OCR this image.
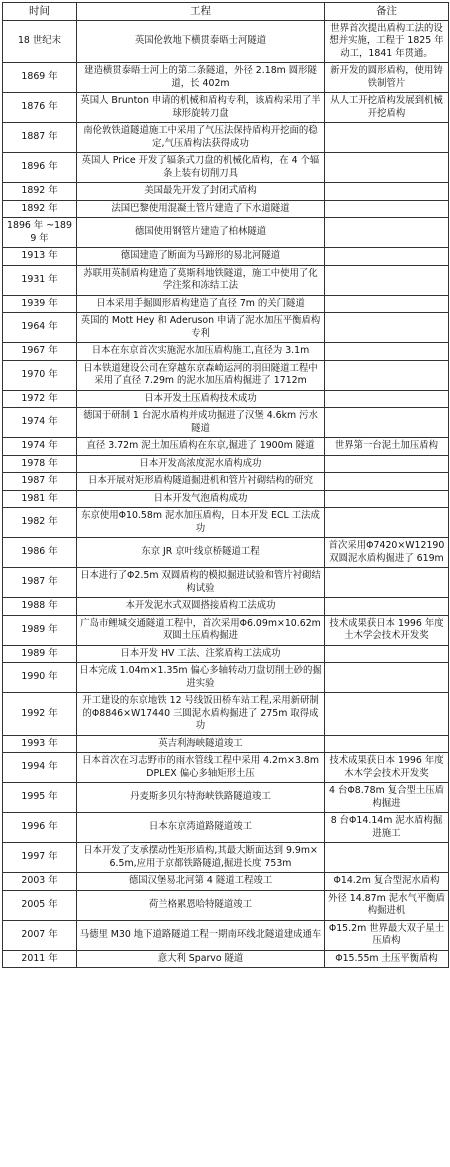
时间	工程	备注
18 世纪末	英国伦敦地下横贯泰晤士河隧道	世界首次提出盾构工法的设想并实施，工程于 1825 年动工，1841 年贯通。
1869 年	建造横贯泰晤士河上的第二条隧道，外径 2.18m 圆形隧道，长 402m	新开发的圆形盾构，使用铸铁制管片
1876 年	英国人 Brunton 申请的机械和盾构专利，该盾构采用了半球形旋转刀盘	从人工开挖盾构发展到机械开挖盾构
1887 年	南伦敦铁道隧道施工中采用了气压法保持盾构开挖面的稳定,气压盾构法获得成功	
1896 年	英国人 Price 开发了辐条式刀盘的机械化盾构，在 4 个辐条上装有切削刀具	
1892 年	美国最先开发了封闭式盾构	
1892 年	法国巴黎使用混凝土管片建造了下水道隧道	
1896 年 ~1899 年	德国使用钢管片建造了柏林隧道	
1913 年	德国建造了断面为马蹄形的易北河隧道	
1931 年	苏联用英制盾构建造了莫斯科地铁隧道，施工中使用了化学注浆和冻结工法	
1939 年	日本采用手掘圆形盾构建造了直径 7m 的关门隧道	
1964 年	英国的 Mott Hey 和 Aderuson 申请了泥水加压平衡盾构专利	
1967 年	日本在东京首次实施泥水加压盾构施工,直径为 3.1m	
1970 年	日本铁道建设公司在穿越东京森崎运河的羽田隧道工程中采用了直径 7.29m 的泥水加压盾构掘进了 1712m	
1972 年	日本开发土压盾构技术成功	
1974 年	德国于研制 1 台泥水盾构并成功掘进了汉堡 4.6km 污水隧道	
1974 年	直径 3.72m 泥土加压盾构在东京,掘进了 1900m 隧道	世界第一台泥土加压盾构
1978 年	日本开发高浓度泥水盾构成功	
1987 年	日本开展对矩形盾构隧道掘进机和管片衬砌结构的研究	
1981 年	日本开发气泡盾构成功	
1982 年	东京使用Φ10.58m 泥水加压盾构，日本开发 ECL 工法成功	
1986 年	东京 JR 京叶线京桥隧道工程	首次采用Φ7420×W12190 双圆泥水盾构掘进了 619m
1987 年	日本进行了Φ2.5m 双圆盾构的模拟掘进试验和管片衬砌结构试验	
1988 年	本开发泥水式双圆搭接盾构工法成功	
1989 年	广岛市鲤城交通隧道工程中，首次采用Φ6.09m×10.62m 双圆土压盾构掘进	技术成果获日本 1996 年度土木学会技术开发奖
1989 年	日本开发 HV 工法、注浆盾构工法成功	
1990 年	日本完成 1.04m×1.35m 偏心多轴转动刀盘切削土砂的掘进实验	
1992 年	开工建设的东京地铁 12 号线饭田桥车站工程,采用新研制的Φ8846×W17440 三圆泥水盾构掘进了 275m 取得成功	
1993 年	英吉利海峡隧道竣工	
1994 年	日本首次在习志野市的雨水管线工程中采用 4.2m×3.8mDPLEX 偏心多轴矩形土压	技术成果获日本 1996 年度木木学会技术开发奖
1995 年	丹麦斯多贝尔特海峡铁路隧道竣工	4 台Φ8.78m 复合型土压盾构掘进
1996 年	日本东京湾道路隧道竣工	8 台Φ14.14m 泥水盾构掘进施工
1997 年	日本开发了支承摆动性矩形盾构,其最大断面达到 9.9m×6.5m,应用于京都铁路隧道,掘进长度 753m	
2003 年	德国汉堡易北河第 4 隧道工程竣工	Φ14.2m 复合型泥水盾构
2005 年	荷兰格累恩哈特隧道竣工	外径 14.87m 泥水气平衡盾构掘进机
2007 年	马德里 M30 地下道路隧道工程一期南环线北隧道建成通车	Φ15.2m 世界最大双子星土压盾构
2011 年	意大利 Sparvo 隧道	Φ15.55m 土压平衡盾构
